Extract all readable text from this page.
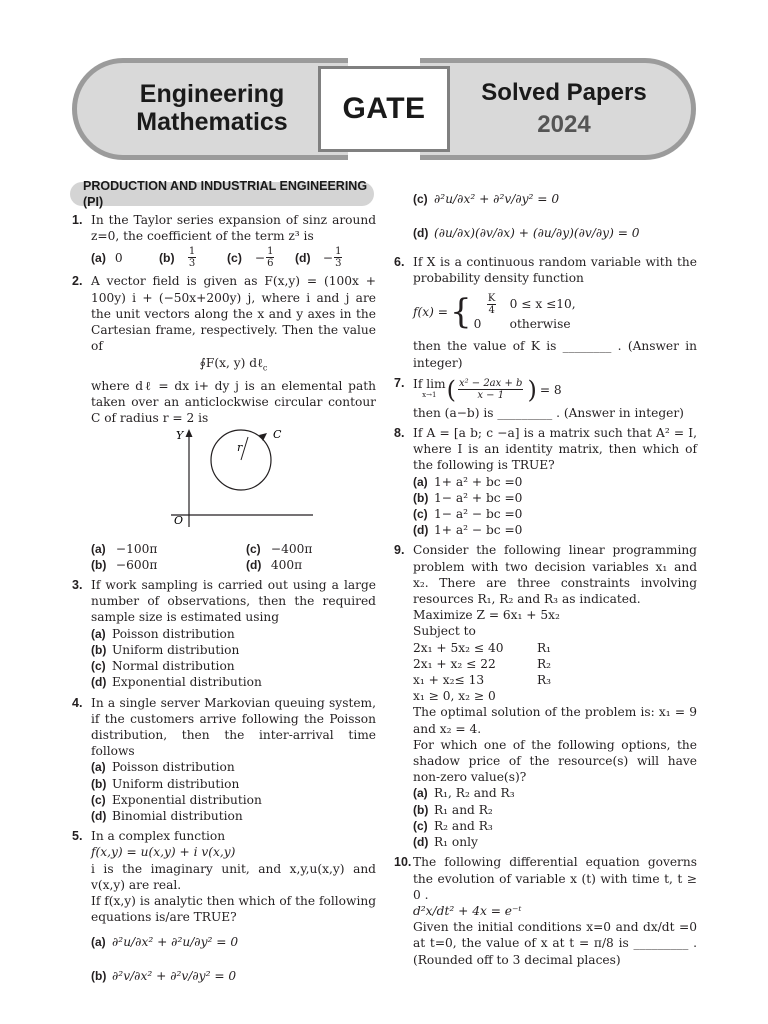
Engineering
Mathematics	GATE	Solved Papers
2024
PRODUCTION AND INDUSTRIAL ENGINEERING (PI)
1. In the Taylor series expansion of sinz around z=0, the coefficient of the term z³ is

(a)
0	(b)
	$\frac{1}{3}$	(c)
	− $\frac{1}{6} (d)$
	− $\frac{1}{3}$
2. A vector field is given as F(x,y) = (100x + 100y) i + (−50x+200y) j, where i and j are the unit vectors along the x and y axes in the Cartesian frame, respectively. Then the value of

∮F(x, y) dℓ$_c$

where dℓ = dx i+ dy j is an elemental path taken over an anticlockwise circular contour C of radius r = 2 is

Y
O
C
r
(a)
−100π	(c)
−400π
(b)
−600π	(d)
400π
3. If work sampling is carried out using a large number of observations, then the required sample size is estimated using

(a) Poisson distribution
(b) Uniform distribution
(c) Normal distribution
(d) Exponential distribution
4. In a single server Markovian queuing system, if the customers arrive following the Poisson distribution, then the inter-arrival time follows

(a) Poisson distribution
(b) Uniform distribution
(c) Exponential distribution
(d) Binomial distribution
5. In a complex function

f(x,y) = u(x,y) + i v(x,y)

i is the imaginary unit, and x,y,u(x,y) and v(x,y) are real.

If f(x,y) is analytic then which of the following equations is/are TRUE?

(a) ∂²u/∂x² + ∂²u/∂y² = 0
(b) ∂²v/∂x² + ∂²v/∂y² = 0
(c) ∂²u/∂x² + ∂²v/∂y² = 0
(d) (∂u/∂x)(∂v/∂x) + (∂u/∂y)(∂v/∂y) = 0
6. If X is a continuous random variable with the probability density function

f(x) = { $\frac{K}{4} 0 \le x \le 10$,
0	otherwise

then the value of K is ________ . (Answer in integer)

7. If lim
x→1 ( $\frac{\text{x² − 2ax + b}}{x - 1}$ ) = 8

then (a−b) is _________ . (Answer in integer)

8. If A = [a b; c −a] is a matrix such that A² = I, where I is an identity matrix, then which of the following is TRUE?

(a) 1+ a² + bc =0
(b) 1− a² + bc =0
(c) 1− a² − bc =0
(d) 1+ a² − bc =0
9. Consider the following linear programming problem with two decision variables x₁ and x₂. There are three constraints involving resources R₁, R₂ and R₃ as indicated.

Maximize Z = 6x₁ + 5x₂

Subject to

2x₁ + 5x₂ ≤ 40	R₁
2x₁ + x₂ ≤ 22	R₂
x₁ + x₂≤ 13	R₃

x₁ ≥ 0, x₂ ≥ 0

The optimal solution of the problem is: x₁ = 9 and x₂ = 4.

For which one of the following options, the shadow price of the resource(s) will have non-zero value(s)?

(a) R₁, R₂ and R₃
(b) R₁ and R₂
(c) R₂ and R₃
(d) R₁ only
10. The following differential equation governs the evolution of variable x (t) with time t, t ≥ 0 .

d²x/dt² + 4x = e⁻ᵗ

Given the initial conditions x=0 and dx/dt =0 at t=0, the value of x at t = π/8 is _________ . (Rounded off to 3 decimal places)
